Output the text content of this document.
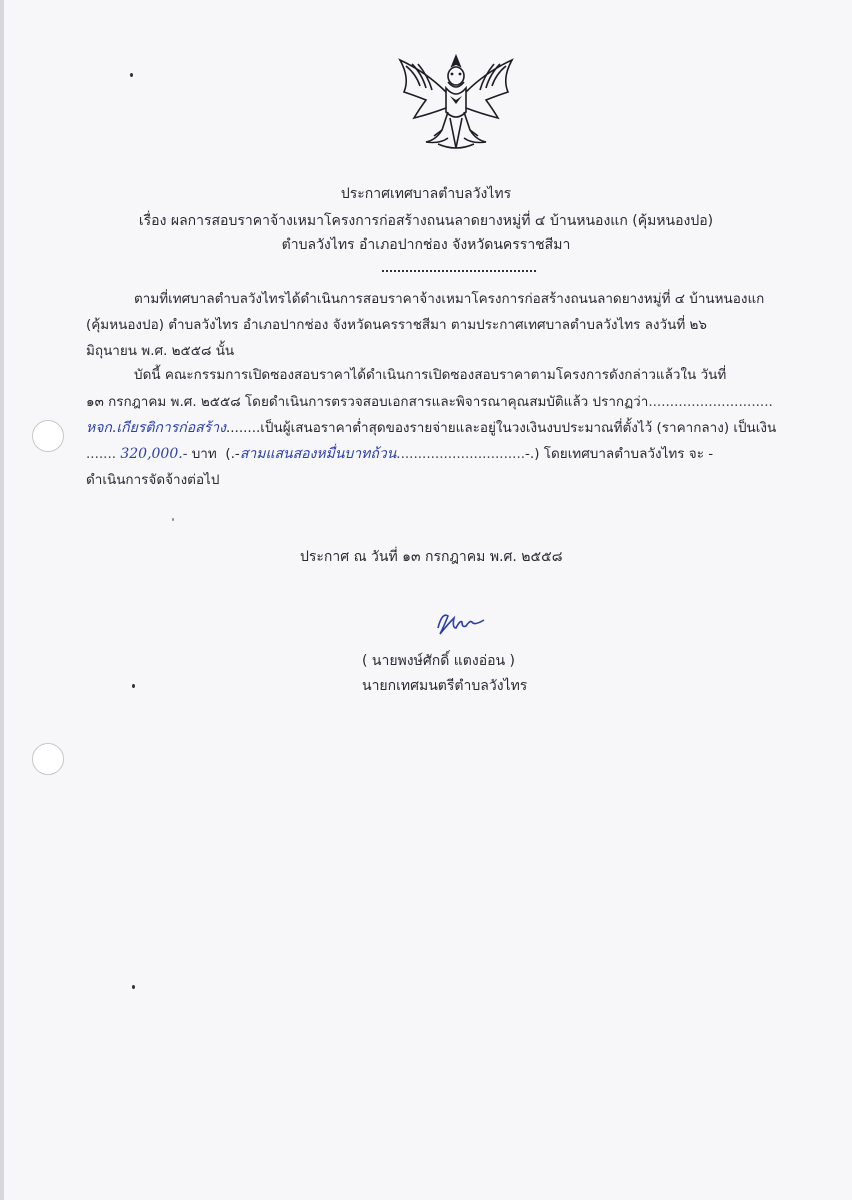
ประกาศเทศบาลตำบลวังไทร
เรื่อง ผลการสอบราคาจ้างเหมาโครงการก่อสร้างถนนลาดยางหมู่ที่ ๔ บ้านหนองแก (คุ้มหนองปอ)
ตำบลวังไทร อำเภอปากช่อง จังหวัดนครราชสีมา
ตามที่เทศบาลตำบลวังไทรได้ดำเนินการสอบราคาจ้างเหมาโครงการก่อสร้างถนนลาดยางหมู่ที่ ๔ บ้านหนองแก
(คุ้มหนองปอ) ตำบลวังไทร อำเภอปากช่อง จังหวัดนครราชสีมา ตามประกาศเทศบาลตำบลวังไทร ลงวันที่ ๒๖
มิถุนายน พ.ศ. ๒๕๕๘ นั้น
บัดนี้ คณะกรรมการเปิดซองสอบราคาได้ดำเนินการเปิดซองสอบราคาตามโครงการดังกล่าวแล้วใน วันที่
๑๓ กรกฎาคม พ.ศ. ๒๕๕๘ โดยดำเนินการตรวจสอบเอกสารและพิจารณาคุณสมบัติแล้ว ปรากฏว่า.............................
หจก.เกียรติการก่อสร้าง........เป็นผู้เสนอราคาต่ำสุดของรายจ่ายและอยู่ในวงเงินงบประมาณที่ตั้งไว้ (ราคากลาง) เป็นเงิน
....... 320,000.- บาท (.-สามแสนสองหมื่นบาทถ้วน..............................-.) โดยเทศบาลตำบลวังไทร จะ -
ดำเนินการจัดจ้างต่อไป
ประกาศ ณ วันที่ ๑๓ กรกฎาคม พ.ศ. ๒๕๕๘
( นายพงษ์ศักดิ์ แตงอ่อน )
นายกเทศมนตรีตำบลวังไทร
